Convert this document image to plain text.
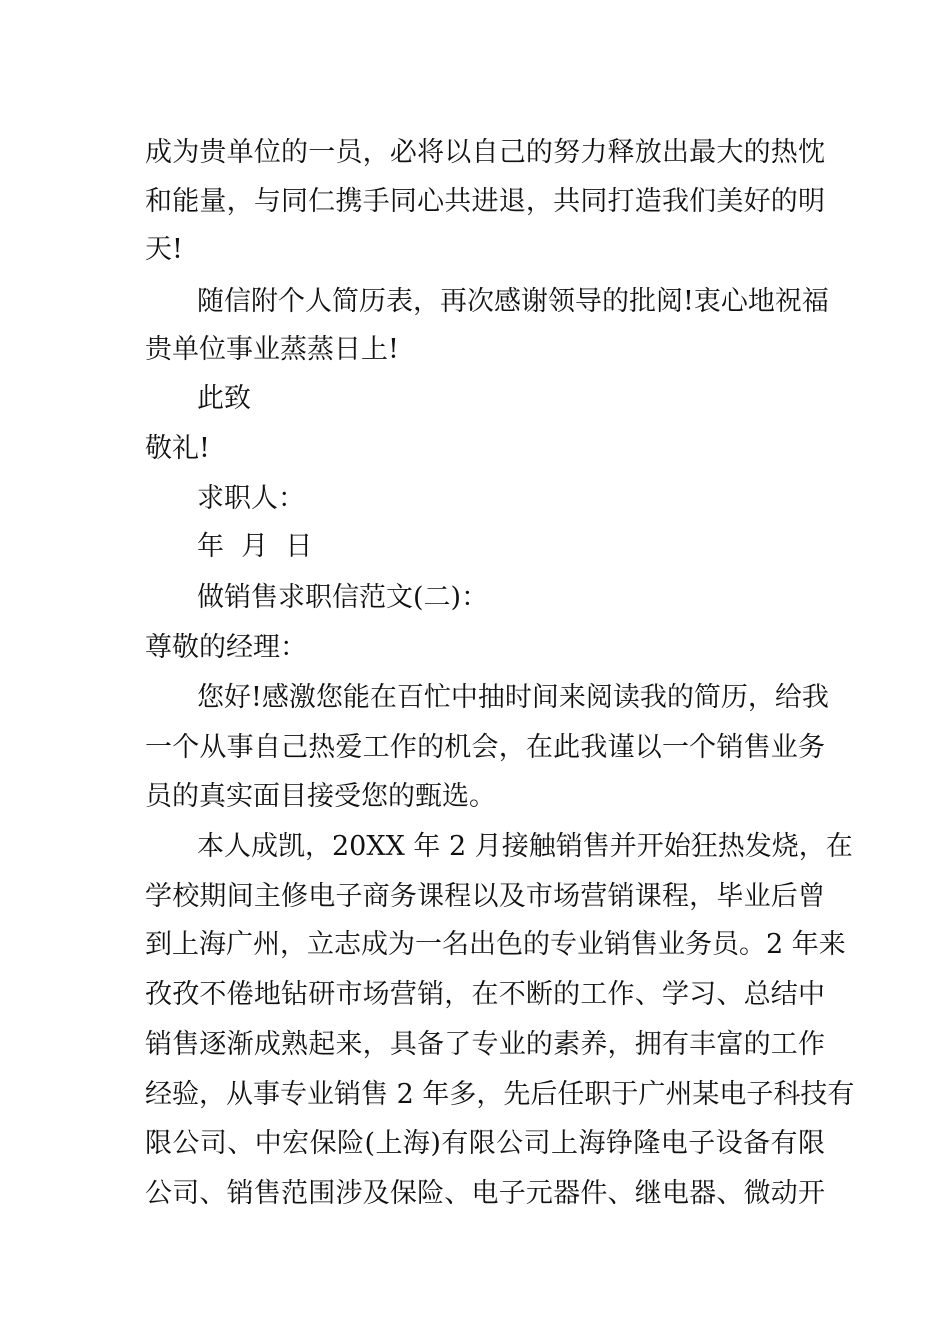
成为贵单位的一员，必将以自己的努力释放出最大的热忱
和能量，与同仁携手同心共进退，共同打造我们美好的明
天!
随信附个人简历表，再次感谢领导的批阅!衷心地祝福
贵单位事业蒸蒸日上!
此致
敬礼!
求职人：
年  月  日
做销售求职信范文(二)：
尊敬的经理：
您好!感激您能在百忙中抽时间来阅读我的简历，给我
一个从事自己热爱工作的机会，在此我谨以一个销售业务
员的真实面目接受您的甄选。
本人成凯，20XX 年 2 月接触销售并开始狂热发烧，在
学校期间主修电子商务课程以及市场营销课程，毕业后曾
到上海广州，立志成为一名出色的专业销售业务员。2 年来
孜孜不倦地钻研市场营销，在不断的工作、学习、总结中
销售逐渐成熟起来，具备了专业的素养，拥有丰富的工作
经验，从事专业销售 2 年多，先后任职于广州某电子科技有
限公司、中宏保险(上海)有限公司上海铮隆电子设备有限
公司、销售范围涉及保险、电子元器件、继电器、微动开
